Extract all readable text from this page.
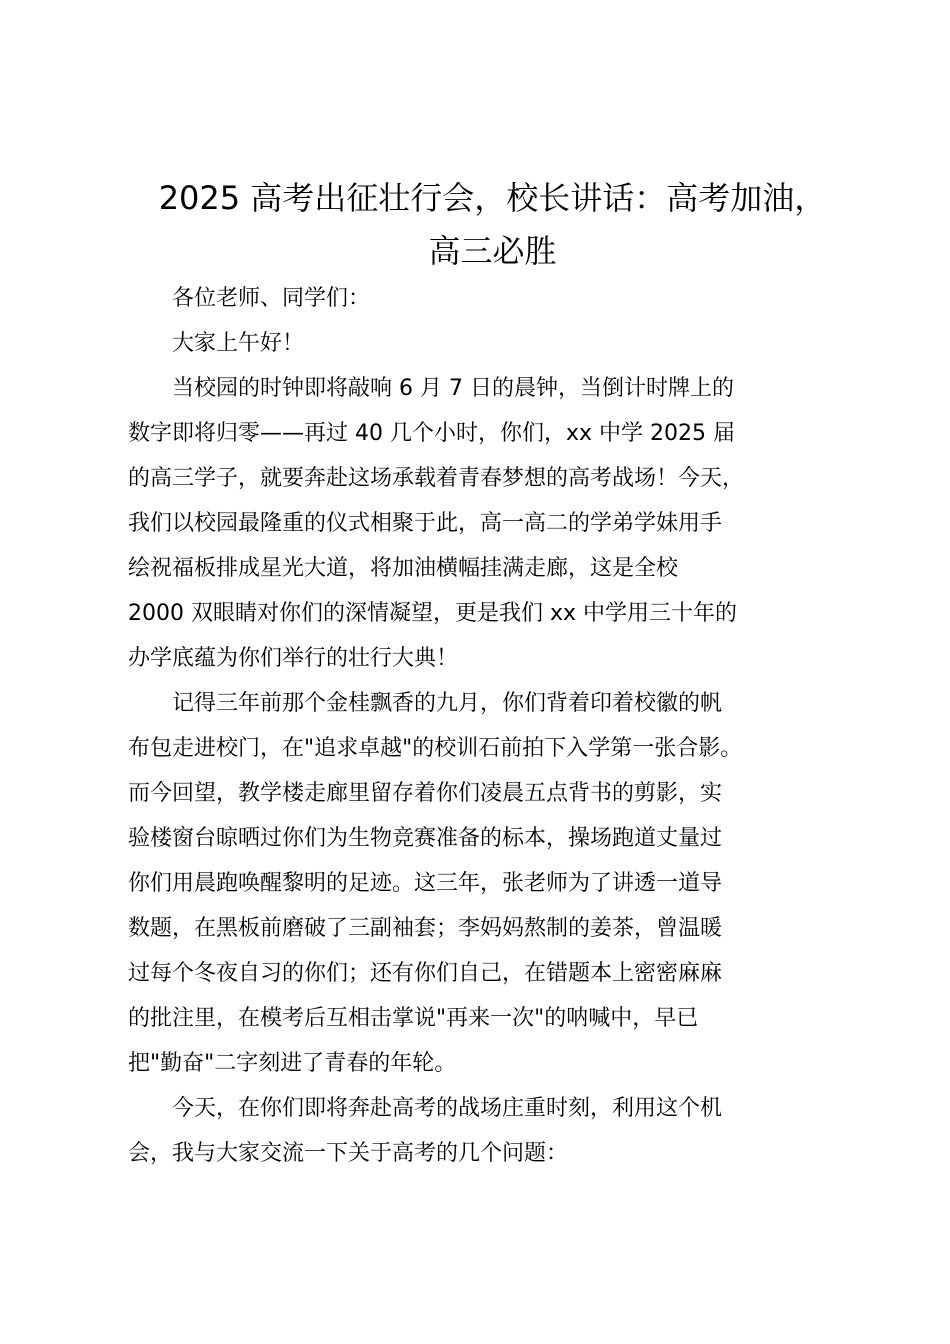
2025 高考出征壮行会，校长讲话：高考加油，
高三必胜

各位老师、同学们：

大家上午好！

当校园的时钟即将敲响 6 月 7 日的晨钟，当倒计时牌上的
数字即将归零——再过 40 几个小时，你们，xx 中学 2025 届
的高三学子，就要奔赴这场承载着青春梦想的高考战场！今天，
我们以校园最隆重的仪式相聚于此，高一高二的学弟学妹用手
绘祝福板排成星光大道，将加油横幅挂满走廊，这是全校
2000 双眼睛对你们的深情凝望，更是我们 xx 中学用三十年的
办学底蕴为你们举行的壮行大典！

记得三年前那个金桂飘香的九月，你们背着印着校徽的帆
布包走进校门，在"追求卓越"的校训石前拍下入学第一张合影。
而今回望，教学楼走廊里留存着你们凌晨五点背书的剪影，实
验楼窗台晾晒过你们为生物竞赛准备的标本，操场跑道丈量过
你们用晨跑唤醒黎明的足迹。这三年，张老师为了讲透一道导
数题，在黑板前磨破了三副袖套；李妈妈熬制的姜茶，曾温暖
过每个冬夜自习的你们；还有你们自己，在错题本上密密麻麻
的批注里，在模考后互相击掌说"再来一次"的呐喊中，早已
把"勤奋"二字刻进了青春的年轮。

今天，在你们即将奔赴高考的战场庄重时刻，利用这个机
会，我与大家交流一下关于高考的几个问题：
